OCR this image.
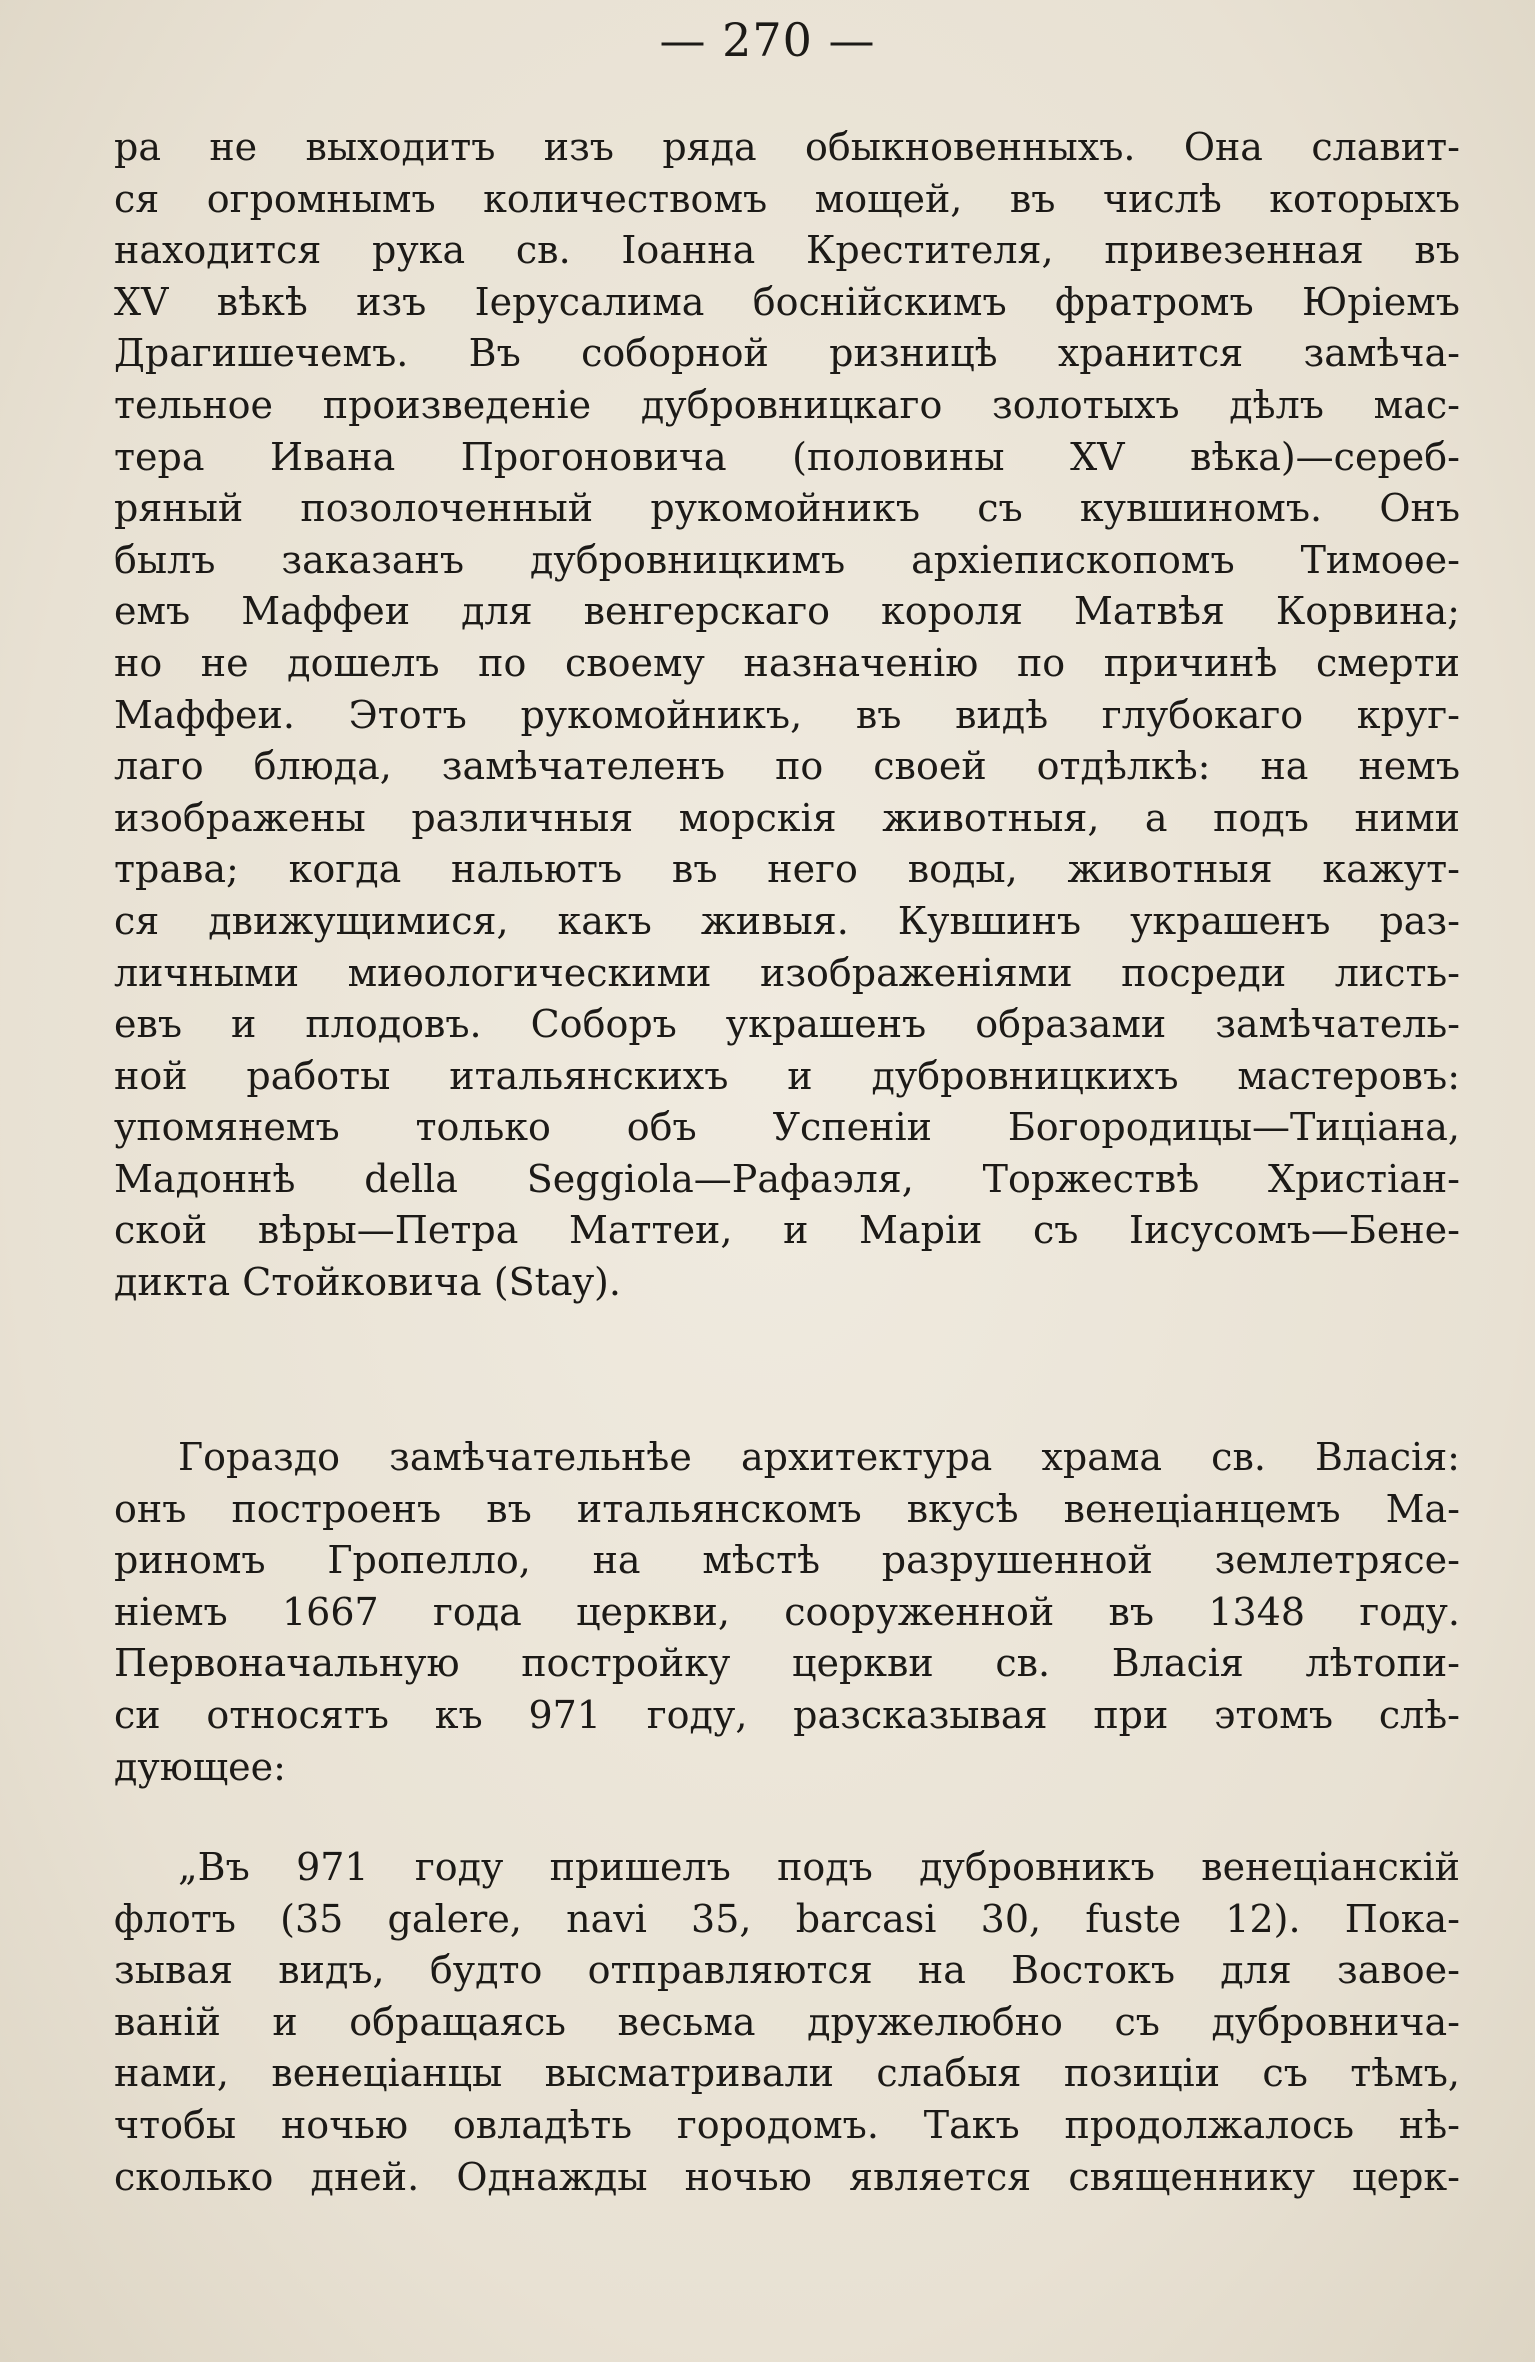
— 270 —
ра не выходитъ изъ ряда обыкновенныхъ. Она славит-
ся огромнымъ количествомъ мощей, въ числѣ которыхъ
находится рука св. Іоанна Крестителя, привезенная въ
XV вѣкѣ изъ Іерусалима боснійскимъ фратромъ Юріемъ
Драгишечемъ. Въ соборной ризницѣ хранится замѣча-
тельное произведеніе дубровницкаго золотыхъ дѣлъ мас-
тера Ивана Прогоновича (половины XV вѣка)—сереб-
ряный позолоченный рукомойникъ съ кувшиномъ. Онъ
былъ заказанъ дубровницкимъ архіепископомъ Тимоѳе-
емъ Маффеи для венгерскаго короля Матвѣя Корвина;
но не дошелъ по своему назначенію по причинѣ смерти
Маффеи. Этотъ рукомойникъ, въ видѣ глубокаго круг-
лаго блюда, замѣчателенъ по своей отдѣлкѣ: на немъ
изображены различныя морскія животныя, а подъ ними
трава; когда нальютъ въ него воды, животныя кажут-
ся движущимися, какъ живыя. Кувшинъ украшенъ раз-
личными миѳологическими изображеніями посреди листь-
евъ и плодовъ. Соборъ украшенъ образами замѣчатель-
ной работы итальянскихъ и дубровницкихъ мастеровъ:
упомянемъ только объ Успеніи Богородицы—Тиціана,
Мадоннѣ della Seggiola—Рафаэля, Торжествѣ Христіан-
ской вѣры—Петра Маттеи, и Маріи съ Іисусомъ—Бене-
дикта Стойковича (Stay).
Гораздо замѣчательнѣе архитектура храма св. Власія:
онъ построенъ въ итальянскомъ вкусѣ венеціанцемъ Ма-
риномъ Гропелло, на мѣстѣ разрушенной землетрясе-
ніемъ 1667 года церкви, сооруженной въ 1348 году.
Первоначальную постройку церкви св. Власія лѣтопи-
си относятъ къ 971 году, разсказывая при этомъ слѣ-
дующее:
„Въ 971 году пришелъ подъ дубровникъ венеціанскій
флотъ (35 galere, navi 35, barcasi 30, fuste 12). Пока-
зывая видъ, будто отправляются на Востокъ для завое-
ваній и обращаясь весьма дружелюбно съ дубровнича-
нами, венеціанцы высматривали слабыя позиціи съ тѣмъ,
чтобы ночью овладѣть городомъ. Такъ продолжалось нѣ-
сколько дней. Однажды ночью является священнику церк-
